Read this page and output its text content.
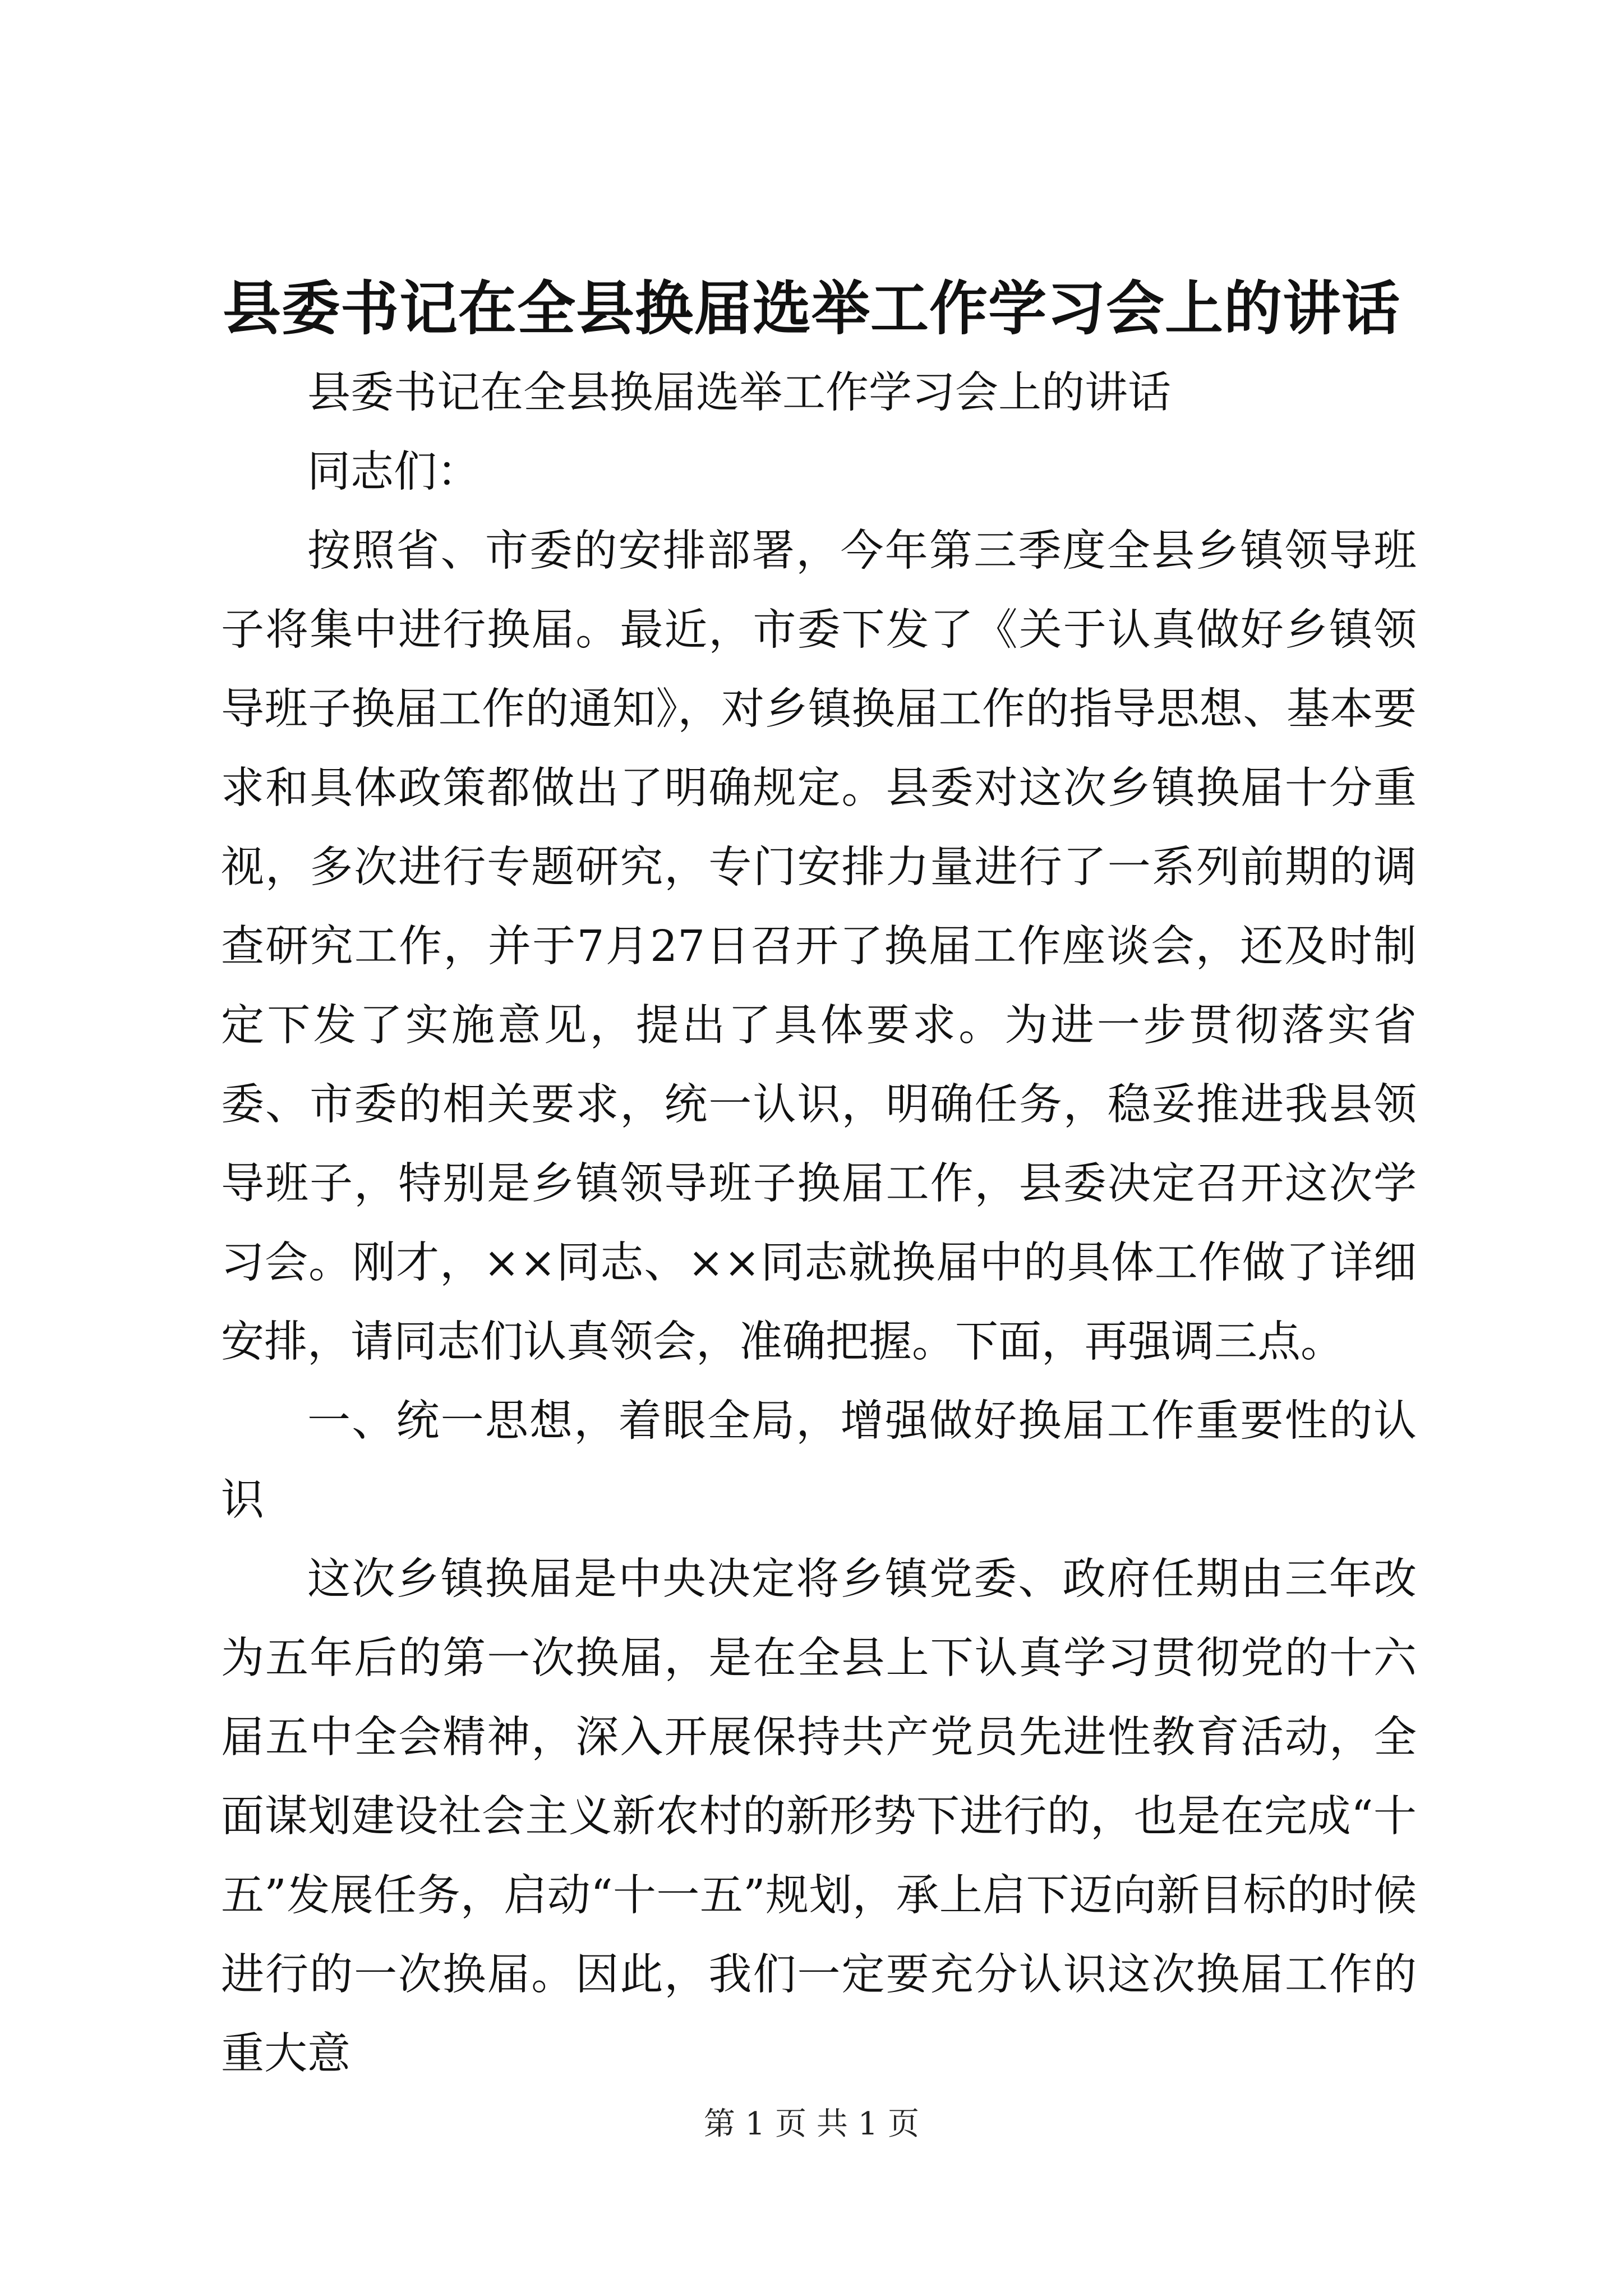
县委书记在全县换届选举工作学习会上的讲话

县委书记在全县换届选举工作学习会上的讲话

同志们：

按照省、市委的安排部署，今年第三季度全县乡镇领导班子将集中进行换届。最近，市委下发了《关于认真做好乡镇领导班子换届工作的通知》，对乡镇换届工作的指导思想、基本要求和具体政策都做出了明确规定。县委对这次乡镇换届十分重视，多次进行专题研究，专门安排力量进行了一系列前期的调查研究工作，并于7月27日召开了换届工作座谈会，还及时制定下发了实施意见，提出了具体要求。为进一步贯彻落实省委、市委的相关要求，统一认识，明确任务，稳妥推进我县领导班子，特别是乡镇领导班子换届工作，县委决定召开这次学习会。刚才，××同志、××同志就换届中的具体工作做了详细安排，请同志们认真领会，准确把握。下面，再强调三点。

一、统一思想，着眼全局，增强做好换届工作重要性的认识

这次乡镇换届是中央决定将乡镇党委、政府任期由三年改为五年后的第一次换届，是在全县上下认真学习贯彻党的十六届五中全会精神，深入开展保持共产党员先进性教育活动，全面谋划建设社会主义新农村的新形势下进行的，也是在完成“十五”发展任务，启动“十一五”规划，承上启下迈向新目标的时候进行的一次换届。因此，我们一定要充分认识这次换届工作的重大意

第 1 页 共 1 页
